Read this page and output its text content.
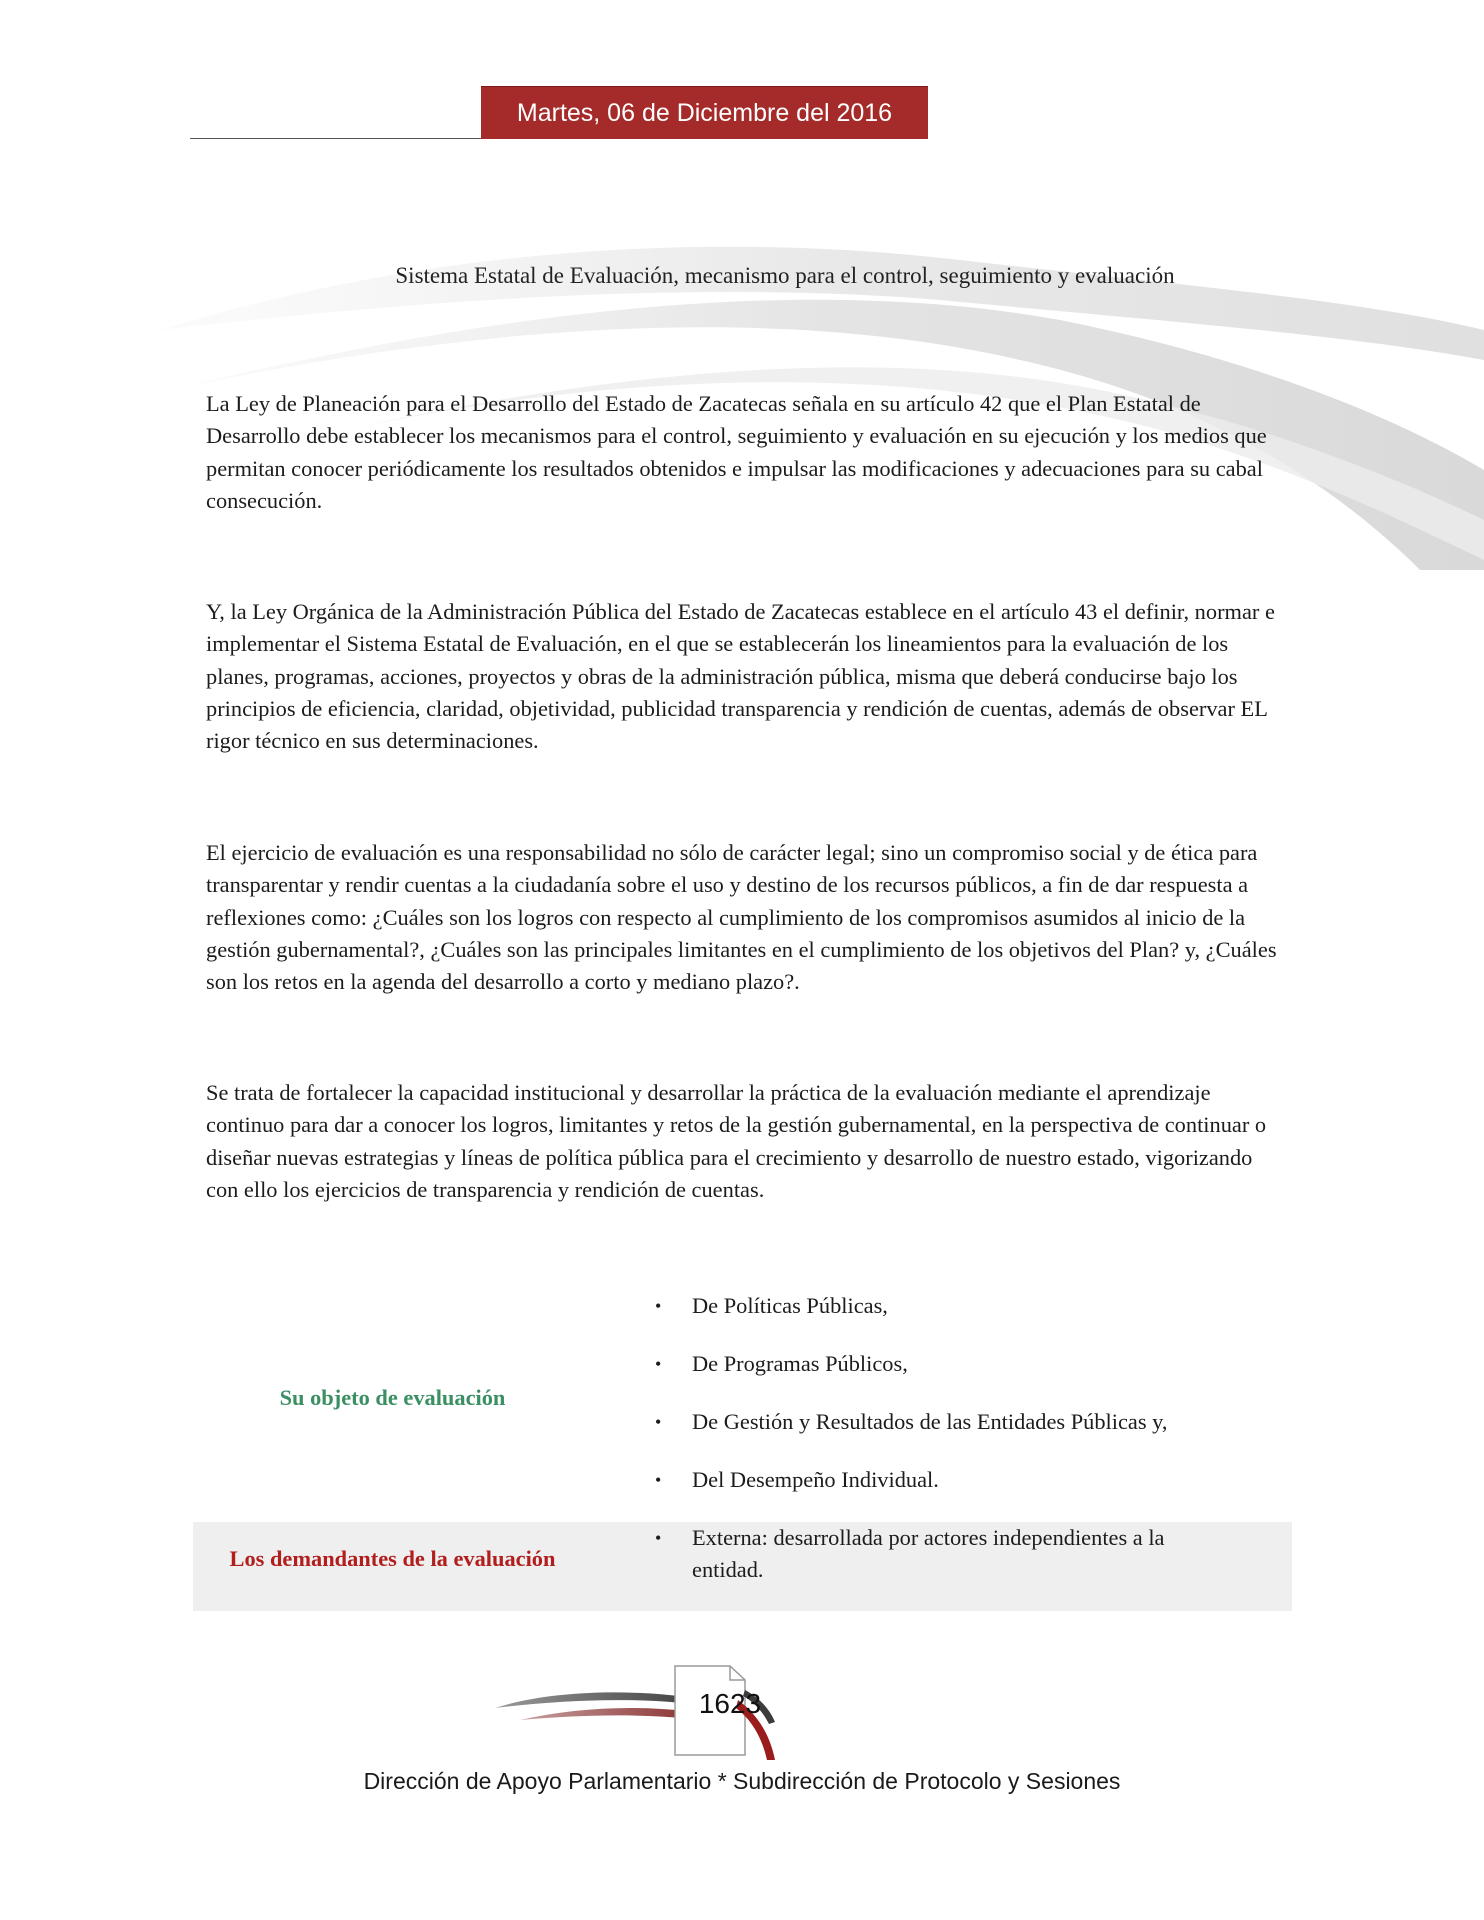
Martes, 06 de Diciembre del 2016
Sistema Estatal de Evaluación, mecanismo para el control, seguimiento y evaluación

La Ley de Planeación para el Desarrollo del Estado de Zacatecas señala en su artículo 42 que el Plan Estatal de Desarrollo debe establecer los mecanismos para el control, seguimiento y evaluación en su ejecución y los medios que permitan conocer periódicamente los resultados obtenidos e impulsar las modificaciones y adecuaciones para su cabal consecución.

Y, la Ley Orgánica de la Administración Pública del Estado de Zacatecas establece en el artículo 43 el definir, normar e implementar el Sistema Estatal de Evaluación, en el que se establecerán los lineamientos para la evaluación de los planes, programas, acciones, proyectos y obras de la administración pública, misma que deberá conducirse bajo los principios de eficiencia, claridad, objetividad, publicidad transparencia y rendición de cuentas, además de observar EL rigor técnico en sus determinaciones.

El ejercicio de evaluación es una responsabilidad no sólo de carácter legal; sino un compromiso social y de ética para transparentar y rendir cuentas a la ciudadanía sobre el uso y destino de los recursos públicos, a fin de dar respuesta a reflexiones como: ¿Cuáles son los logros con respecto al cumplimiento de los compromisos asumidos al inicio de la gestión gubernamental?, ¿Cuáles son las principales limitantes en el cumplimiento de los objetivos del Plan? y, ¿Cuáles son los retos en la agenda del desarrollo a corto y mediano plazo?.

Se trata de fortalecer la capacidad institucional y desarrollar la práctica de la evaluación mediante el aprendizaje continuo para dar a conocer los logros, limitantes y retos de la gestión gubernamental, en la perspectiva de continuar o diseñar nuevas estrategias y líneas de política pública para el crecimiento y desarrollo de nuestro estado, vigorizando con ello los ejercicios de transparencia y rendición de cuentas.

Su objeto de evaluación
• De Políticas Públicas,
• De Programas Públicos,
• De Gestión y Resultados de las Entidades Públicas y,
• Del Desempeño Individual.
Los demandantes de la evaluación
• Externa: desarrollada por actores independientes a la entidad.
1623
Dirección de Apoyo Parlamentario * Subdirección de Protocolo y Sesiones
